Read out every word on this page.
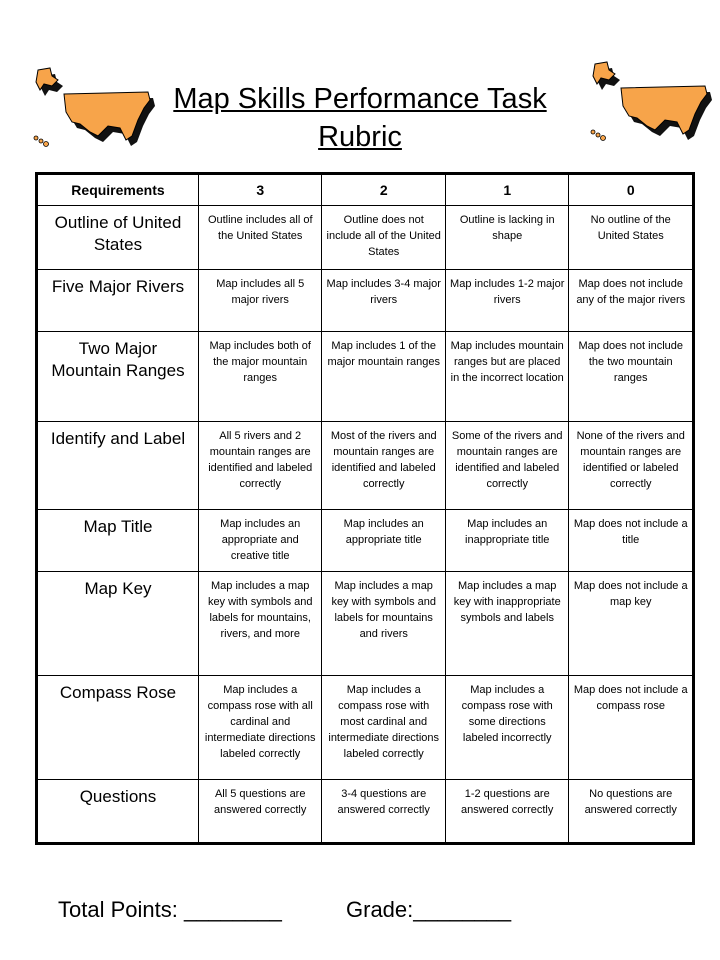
Map Skills Performance Task
Rubric
Requirements	3	2	1	0
Outline of United States	Outline includes all of the United States	Outline does not include all of the United States	Outline is lacking in shape	No outline of the United States
Five Major Rivers	Map includes all 5 major rivers	Map includes 3-4 major rivers	Map includes 1-2 major rivers	Map does not include any of the major rivers
Two Major Mountain Ranges	Map includes both of the major mountain ranges	Map includes 1 of the major mountain ranges	Map includes mountain ranges but are placed in the incorrect location	Map does not include the two mountain ranges
Identify and Label	All 5 rivers and 2 mountain ranges are identified and labeled correctly	Most of the rivers and mountain ranges are identified and labeled correctly	Some of the rivers and mountain ranges are identified and labeled correctly	None of the rivers and mountain ranges are identified or labeled correctly
Map Title	Map includes an appropriate and creative title	Map includes an appropriate title	Map includes an inappropriate title	Map does not include a title
Map Key	Map includes a map key with symbols and labels for mountains, rivers, and more	Map includes a map key with symbols and labels for mountains and rivers	Map includes a map key with inappropriate symbols and labels	Map does not include a map key
Compass Rose	Map includes a compass rose with all cardinal and intermediate directions labeled correctly	Map includes a compass rose with most cardinal and intermediate directions labeled correctly	Map includes a compass rose with some directions labeled incorrectly	Map does not include a compass rose
Questions	All 5 questions are answered correctly	3-4 questions are answered correctly	1-2 questions are answered correctly	No questions are answered correctly
Total Points: ________	Grade:________
